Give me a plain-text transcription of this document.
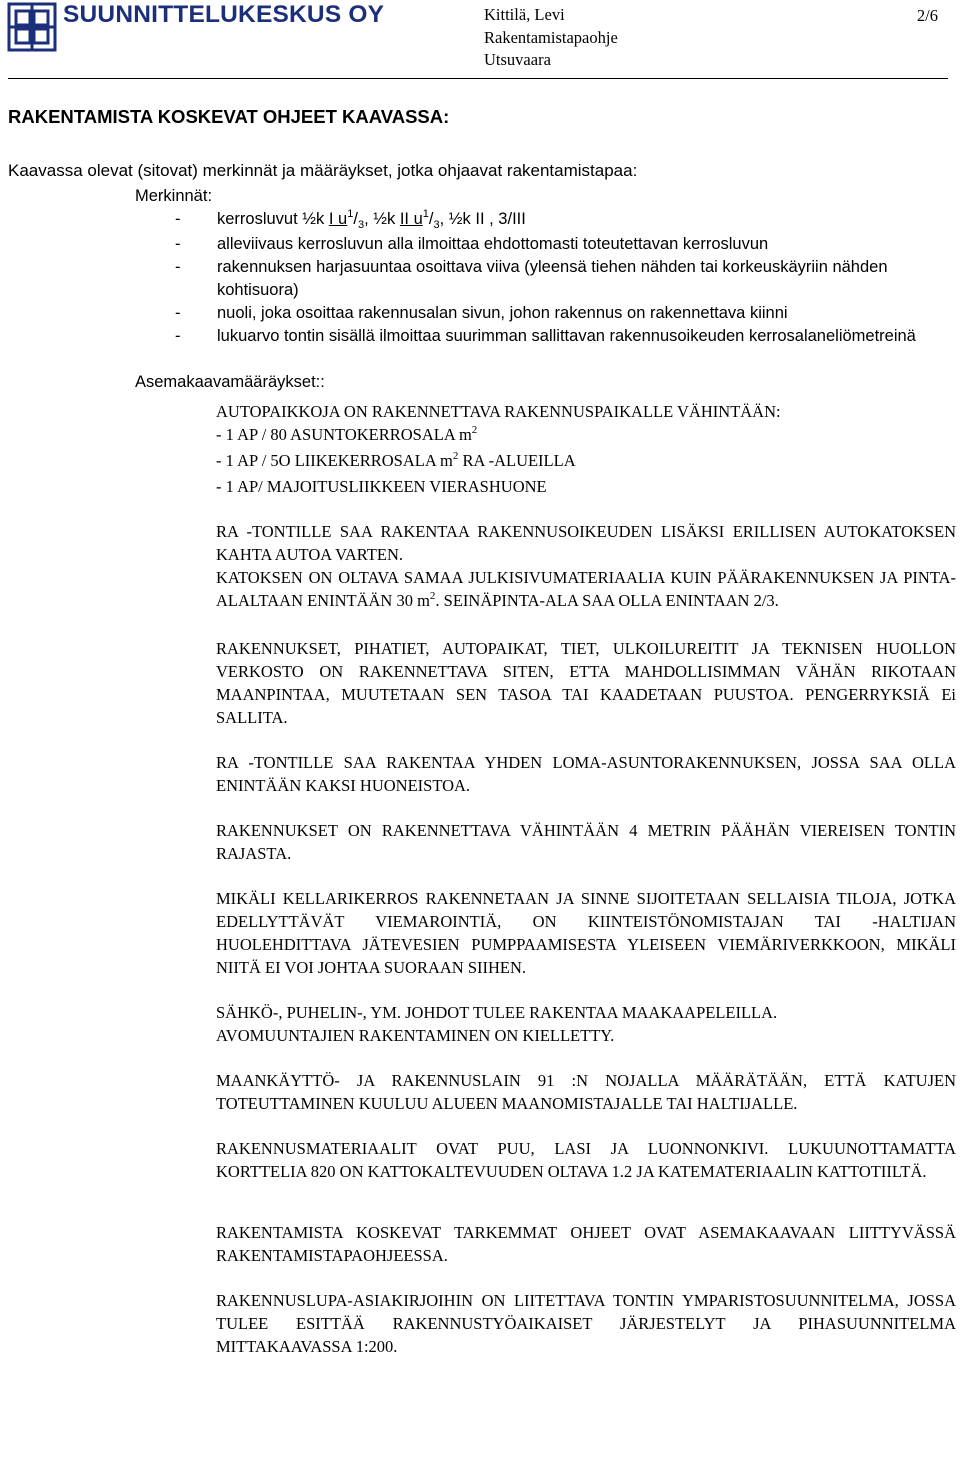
SUUNNITTELUKESKUS OY	Kittilä, Levi
Rakentamistapaohje
Utsuvaara
2/6
RAKENTAMISTA KOSKEVAT OHJEET KAAVASSA:
Kaavassa olevat (sitovat) merkinnät ja määräykset, jotka ohjaavat rakentamistapaa:
Merkinnät:
- kerrosluvut ½k I $u^1/_3$, ½k II $u^1/_3$, ½k II , 3/III
- alleviivaus kerrosluvun alla ilmoittaa ehdottomasti toteutettavan kerrosluvun
- rakennuksen harjasuuntaa osoittava viiva (yleensä tiehen nähden tai korkeuskäyriin nähden kohtisuora)
- nuoli, joka osoittaa rakennusalan sivun, johon rakennus on rakennettava kiinni
- lukuarvo tontin sisällä ilmoittaa suurimman sallittavan rakennusoikeuden kerrosalaneliömetreinä
Asemakaavamääräykset::

AUTOPAIKKOJA ON RAKENNETTAVA RAKENNUSPAIKALLE VÄHINTÄÄN:

- 1 AP / 80 ASUNTOKERROSALA $m^2$

- 1 AP / 5O LIIKEKERROSALA $m^2$ RA -ALUEILLA

- 1 AP/ MAJOITUSLIIKKEEN VIERASHUONE

RA -TONTILLE SAA RAKENTAA RAKENNUSOIKEUDEN LISÄKSI ERILLISEN AUTOKATOKSEN KAHTA AUTOA VARTEN.

KATOKSEN ON OLTAVA SAMAA JULKISIVUMATERIAALIA KUIN PÄÄRAKENNUKSEN JA PINTA-ALALTAAN ENINTÄÄN 30 $m^2$. SEINÄPINTA-ALA SAA OLLA ENINTAAN 2/3.

RAKENNUKSET, PIHATIET, AUTOPAIKAT, TIET, ULKOILUREITIT JA TEKNISEN HUOLLON VERKOSTO ON RAKENNETTAVA SITEN, ETTA MAHDOLLISIMMAN VÄHÄN RIKOTAAN MAANPINTAA, MUUTETAAN SEN TASOA TAI KAADETAAN PUUSTOA. PENGERRYKSIÄ Ei SALLITA.

RA -TONTILLE SAA RAKENTAA YHDEN LOMA-ASUNTORAKENNUKSEN, JOSSA SAA OLLA ENINTÄÄN KAKSI HUONEISTOA.

RAKENNUKSET ON RAKENNETTAVA VÄHINTÄÄN 4 METRIN PÄÄHÄN VIEREISEN TONTIN RAJASTA.

MIKÄLI KELLARIKERROS RAKENNETAAN JA SINNE SIJOITETAAN SELLAISIA TILOJA, JOTKA EDELLYTTÄVÄT VIEMAROINTIÄ, ON KIINTEISTÖNOMISTAJAN TAI -HALTIJAN HUOLEHDITTAVA JÄTEVESIEN PUMPPAAMISESTA YLEISEEN VIEMÄRIVERKKOON, MIKÄLI NIITÄ EI VOI JOHTAA SUORAAN SIIHEN.

SÄHKÖ-, PUHELIN-, YM. JOHDOT TULEE RAKENTAA MAAKAAPELEILLA.

AVOMUUNTAJIEN RAKENTAMINEN ON KIELLETTY.

MAANKÄYTTÖ- JA RAKENNUSLAIN 91 :N NOJALLA MÄÄRÄTÄÄN, ETTÄ KATUJEN TOTEUTTAMINEN KUULUU ALUEEN MAANOMISTAJALLE TAI HALTIJALLE.

RAKENNUSMATERIAALIT OVAT PUU, LASI JA LUONNONKIVI. LUKUUNOTTAMATTA KORTTELIA 820 ON KATTOKALTEVUUDEN OLTAVA 1.2 JA KATEMATERIAALIN KATTOTIILTÄ.

RAKENTAMISTA KOSKEVAT TARKEMMAT OHJEET OVAT ASEMAKAAVAAN LIITTYVÄSSÄ RAKENTAMISTAPAOHJEESSA.

RAKENNUSLUPA-ASIAKIRJOIHIN ON LIITETTAVA TONTIN YMPARISTOSUUNNITELMA, JOSSA TULEE ESITTÄÄ RAKENNUSTYÖAIKAISET JÄRJESTELYT JA PIHASUUNNITELMA MITTAKAAVASSA 1:200.
